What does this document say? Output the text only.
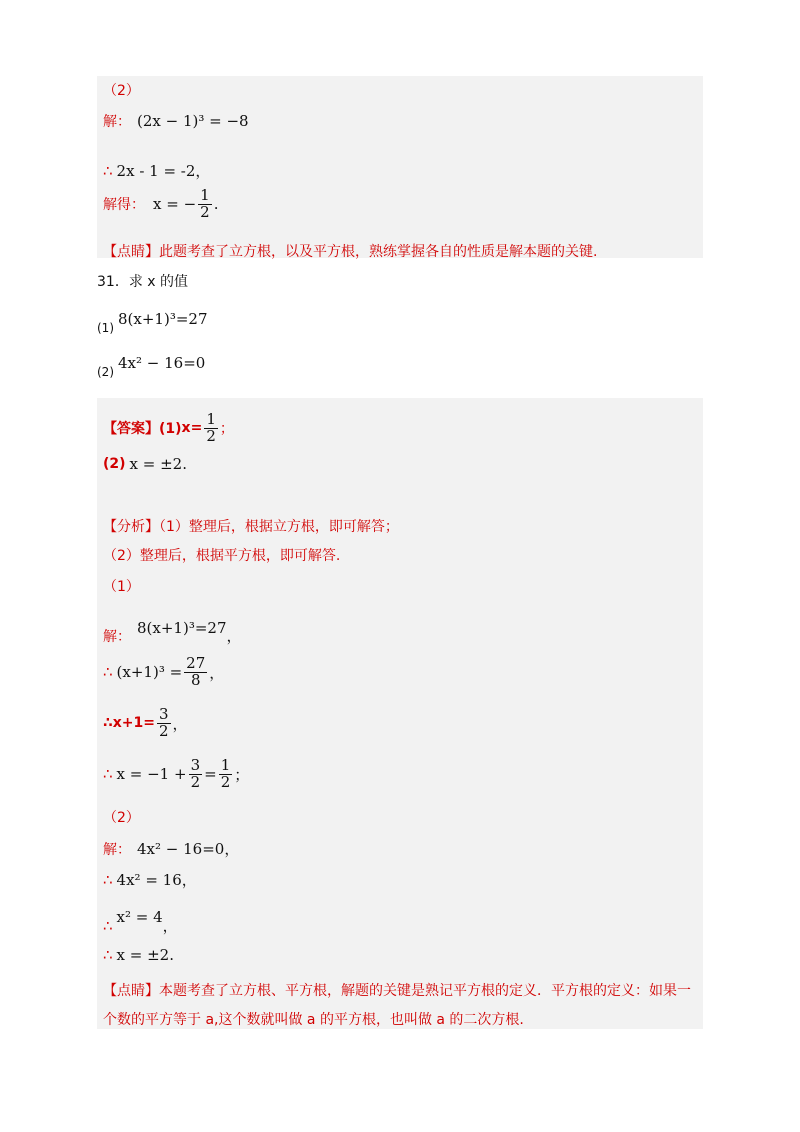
（2）
解： (2x − 1)³ = −8
∴ 2x - 1 = -2 ，
解得： x = − $\frac{1}{2}$ .
【点睛】此题考查了立方根，以及平方根，熟练掌握各自的性质是解本题的关键.
31．求 x 的值
(1) 8(x+1)³=27
(2) 4x² − 16=0
【答案】(1) $x= \frac{1}{2}$ ；
(2) x = ±2 .
【分析】（1）整理后，根据立方根，即可解答；
（2）整理后，根据平方根，即可解答.
（1）
解： 8(x+1)³=27 ，
∴ $(x+1)^3 = \frac{27}{8}$ ，
∴x+1= $\frac{3}{2}$ ，
∴ $x = -1 + \frac{3}{2} = \frac{1}{2}$ ；
（2）
解： 4x² − 16=0 ，
∴ 4x² = 16 ，
∴ x² = 4
，
∴ x = ±2 .
【点睛】本题考查了立方根、平方根，解题的关键是熟记平方根的定义．平方根的定义：如果一
个数的平方等于 a,这个数就叫做 a 的平方根，也叫做 a 的二次方根.
